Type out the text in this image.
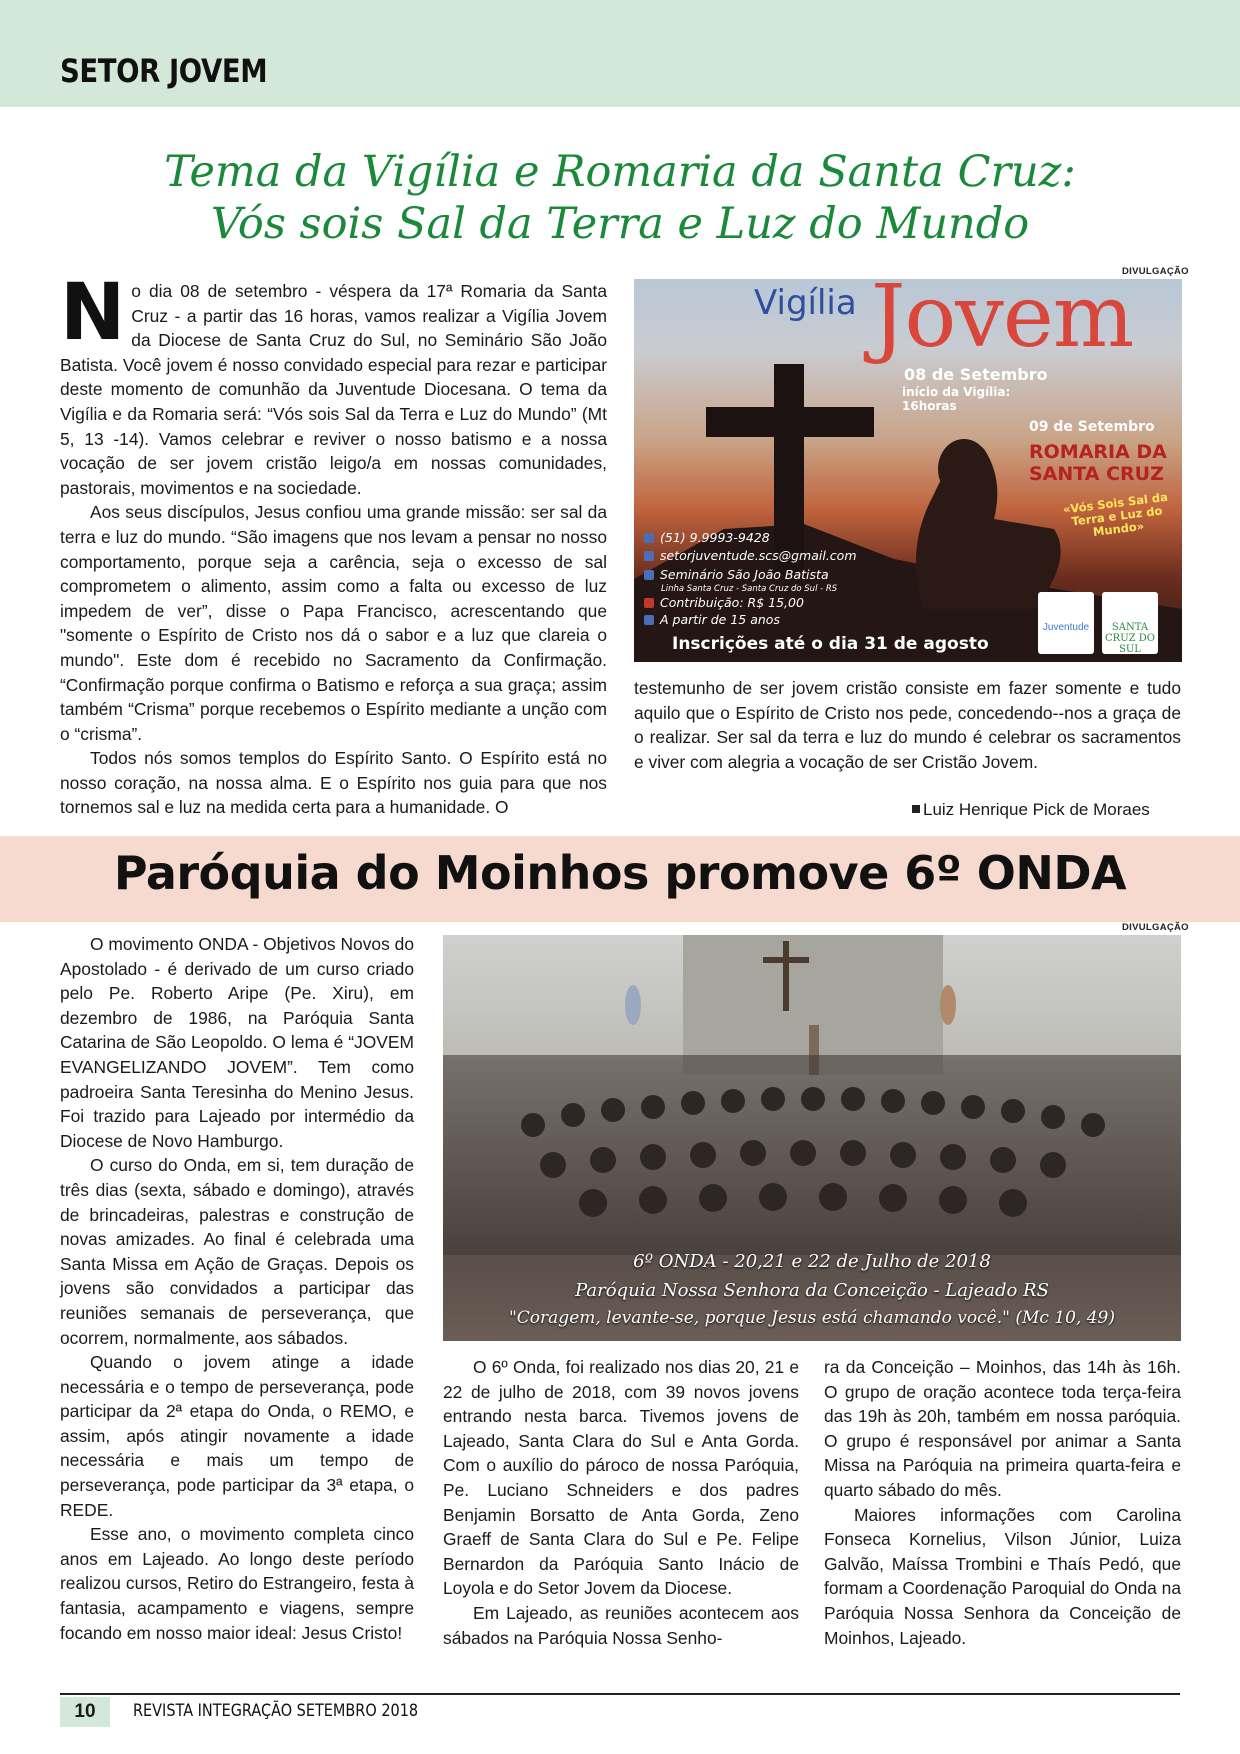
SETOR JOVEM
Tema da Vigília e Romaria da Santa Cruz:
Vós sois Sal da Terra e Luz do Mundo

No dia 08 de setembro - véspera da 17ª Romaria da Santa Cruz - a partir das 16 horas, vamos realizar a Vigília Jovem da Diocese de Santa Cruz do Sul, no Seminário São João Batista. Você jovem é nosso convidado especial para rezar e participar deste momento de comunhão da Juventude Diocesana. O tema da Vigília e da Romaria será: “Vós sois Sal da Terra e Luz do Mundo” (Mt 5, 13 -14). Vamos celebrar e reviver o nosso batismo e a nossa vocação de ser jovem cristão leigo/a em nossas comunidades, pastorais, movimentos e na sociedade.

Aos seus discípulos, Jesus confiou uma grande missão: ser sal da terra e luz do mundo. “São imagens que nos levam a pensar no nosso comportamento, porque seja a carência, seja o excesso de sal comprometem o alimento, assim como a falta ou excesso de luz impedem de ver”, disse o Papa Francisco, acrescentando que "somente o Espírito de Cristo nos dá o sabor e a luz que clareia o mundo". Este dom é recebido no Sacramento da Confirmação. “Confirmação porque confirma o Batismo e reforça a sua graça; assim também “Crisma” porque recebemos o Espírito mediante a unção com o “crisma”.

Todos nós somos templos do Espírito Santo. O Espírito está no nosso coração, na nossa alma. E o Espírito nos guia para que nos tornemos sal e luz na medida certa para a humanidade. O

DIVULGAÇÃO
Vigília Jovem
08 de Setembro
início da Vigília: 16horas
09 de Setembro
ROMARIA DA SANTA CRUZ
«Vós Sois Sal da Terra e Luz do Mundo»
(51) 9.9993-9428
setorjuventude.scs@gmail.com
Seminário São João Batista
Linha Santa Cruz - Santa Cruz do Sul - RS
Contribuição: R$ 15,00
A partir de 15 anos
Inscrições até o dia 31 de agosto
Juventude	SANTA CRUZ DO SUL

testemunho de ser jovem cristão consiste em fazer somente e tudo aquilo que o Espírito de Cristo nos pede, concedendo--nos a graça de o realizar. Ser sal da terra e luz do mundo é celebrar os sacramentos e viver com alegria a vocação de ser Cristão Jovem.

Luiz Henrique Pick de Moraes
Paróquia do Moinhos promove 6º ONDA
DIVULGAÇÃO

O movimento ONDA - Objetivos Novos do Apostolado - é derivado de um curso criado pelo Pe. Roberto Aripe (Pe. Xiru), em dezembro de 1986, na Paróquia Santa Catarina de São Leopoldo. O lema é “JOVEM EVANGELIZANDO JOVEM”. Tem como padroeira Santa Teresinha do Menino Jesus. Foi trazido para Lajeado por intermédio da Diocese de Novo Hamburgo.

O curso do Onda, em si, tem duração de três dias (sexta, sábado e domingo), através de brincadeiras, palestras e construção de novas amizades. Ao final é celebrada uma Santa Missa em Ação de Graças. Depois os jovens são convidados a participar das reuniões semanais de perseverança, que ocorrem, normalmente, aos sábados.

Quando o jovem atinge a idade necessária e o tempo de perseverança, pode participar da 2ª etapa do Onda, o REMO, e assim, após atingir novamente a idade necessária e mais um tempo de perseverança, pode participar da 3ª etapa, o REDE.

Esse ano, o movimento completa cinco anos em Lajeado. Ao longo deste período realizou cursos, Retiro do Estrangeiro, festa à fantasia, acampamento e viagens, sempre focando em nosso maior ideal: Jesus Cristo!

6º ONDA - 20,21 e 22 de Julho de 2018
Paróquia Nossa Senhora da Conceição - Lajeado RS
"Coragem, levante-se, porque Jesus está chamando você." (Mc 10, 49)

O 6º Onda, foi realizado nos dias 20, 21 e 22 de julho de 2018, com 39 novos jovens entrando nesta barca. Tivemos jovens de Lajeado, Santa Clara do Sul e Anta Gorda. Com o auxílio do pároco de nossa Paróquia, Pe. Luciano Schneiders e dos padres Benjamin Borsatto de Anta Gorda, Zeno Graeff de Santa Clara do Sul e Pe. Felipe Bernardon da Paróquia Santo Inácio de Loyola e do Setor Jovem da Diocese.

Em Lajeado, as reuniões acontecem aos sábados na Paróquia Nossa Senho-

ra da Conceição – Moinhos, das 14h às 16h. O grupo de oração acontece toda terça-feira das 19h às 20h, também em nossa paróquia. O grupo é responsável por animar a Santa Missa na Paróquia na primeira quarta-feira e quarto sábado do mês.

Maiores informações com Carolina Fonseca Kornelius, Vilson Júnior, Luiza Galvão, Maíssa Trombini e Thaís Pedó, que formam a Coordenação Paroquial do Onda na Paróquia Nossa Senhora da Conceição de Moinhos, Lajeado.

10	REVISTA INTEGRAÇÃO SETEMBRO 2018
